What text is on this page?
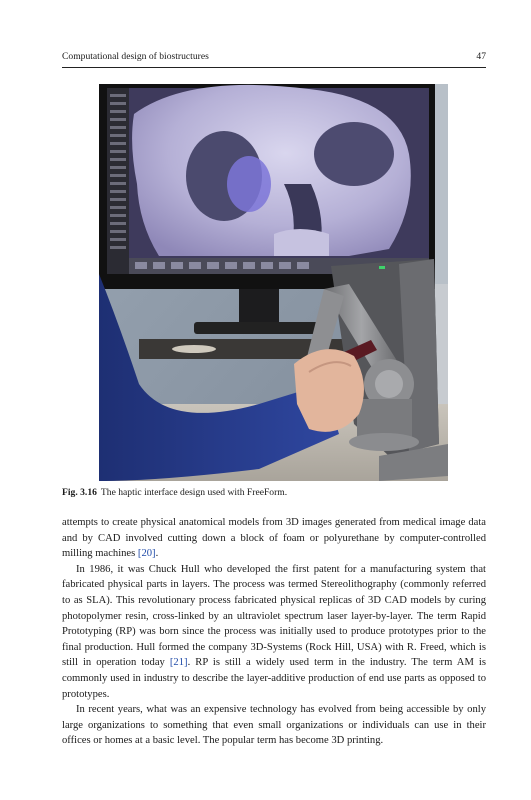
Computational design of biostructures	47
Fig. 3.16 The haptic interface design used with FreeForm.

attempts to create physical anatomical models from 3D images generated from medical image data and by CAD involved cutting down a block of foam or polyurethane by computer-controlled milling machines [20].

In 1986, it was Chuck Hull who developed the first patent for a manufacturing system that fabricated physical parts in layers. The process was termed Stereolithography (commonly referred to as SLA). This revolutionary process fabricated physical replicas of 3D CAD models by curing photopolymer resin, cross-linked by an ultraviolet spectrum laser layer-by-layer. The term Rapid Prototyping (RP) was born since the process was initially used to produce prototypes prior to the final production. Hull formed the company 3D-Systems (Rock Hill, USA) with R. Freed, which is still in operation today [21]. RP is still a widely used term in the industry. The term AM is commonly used in industry to describe the layer-additive production of end use parts as opposed to prototypes.

In recent years, what was an expensive technology has evolved from being accessible by only large organizations to something that even small organizations or individuals can use in their offices or homes at a basic level. The popular term has become 3D printing.
